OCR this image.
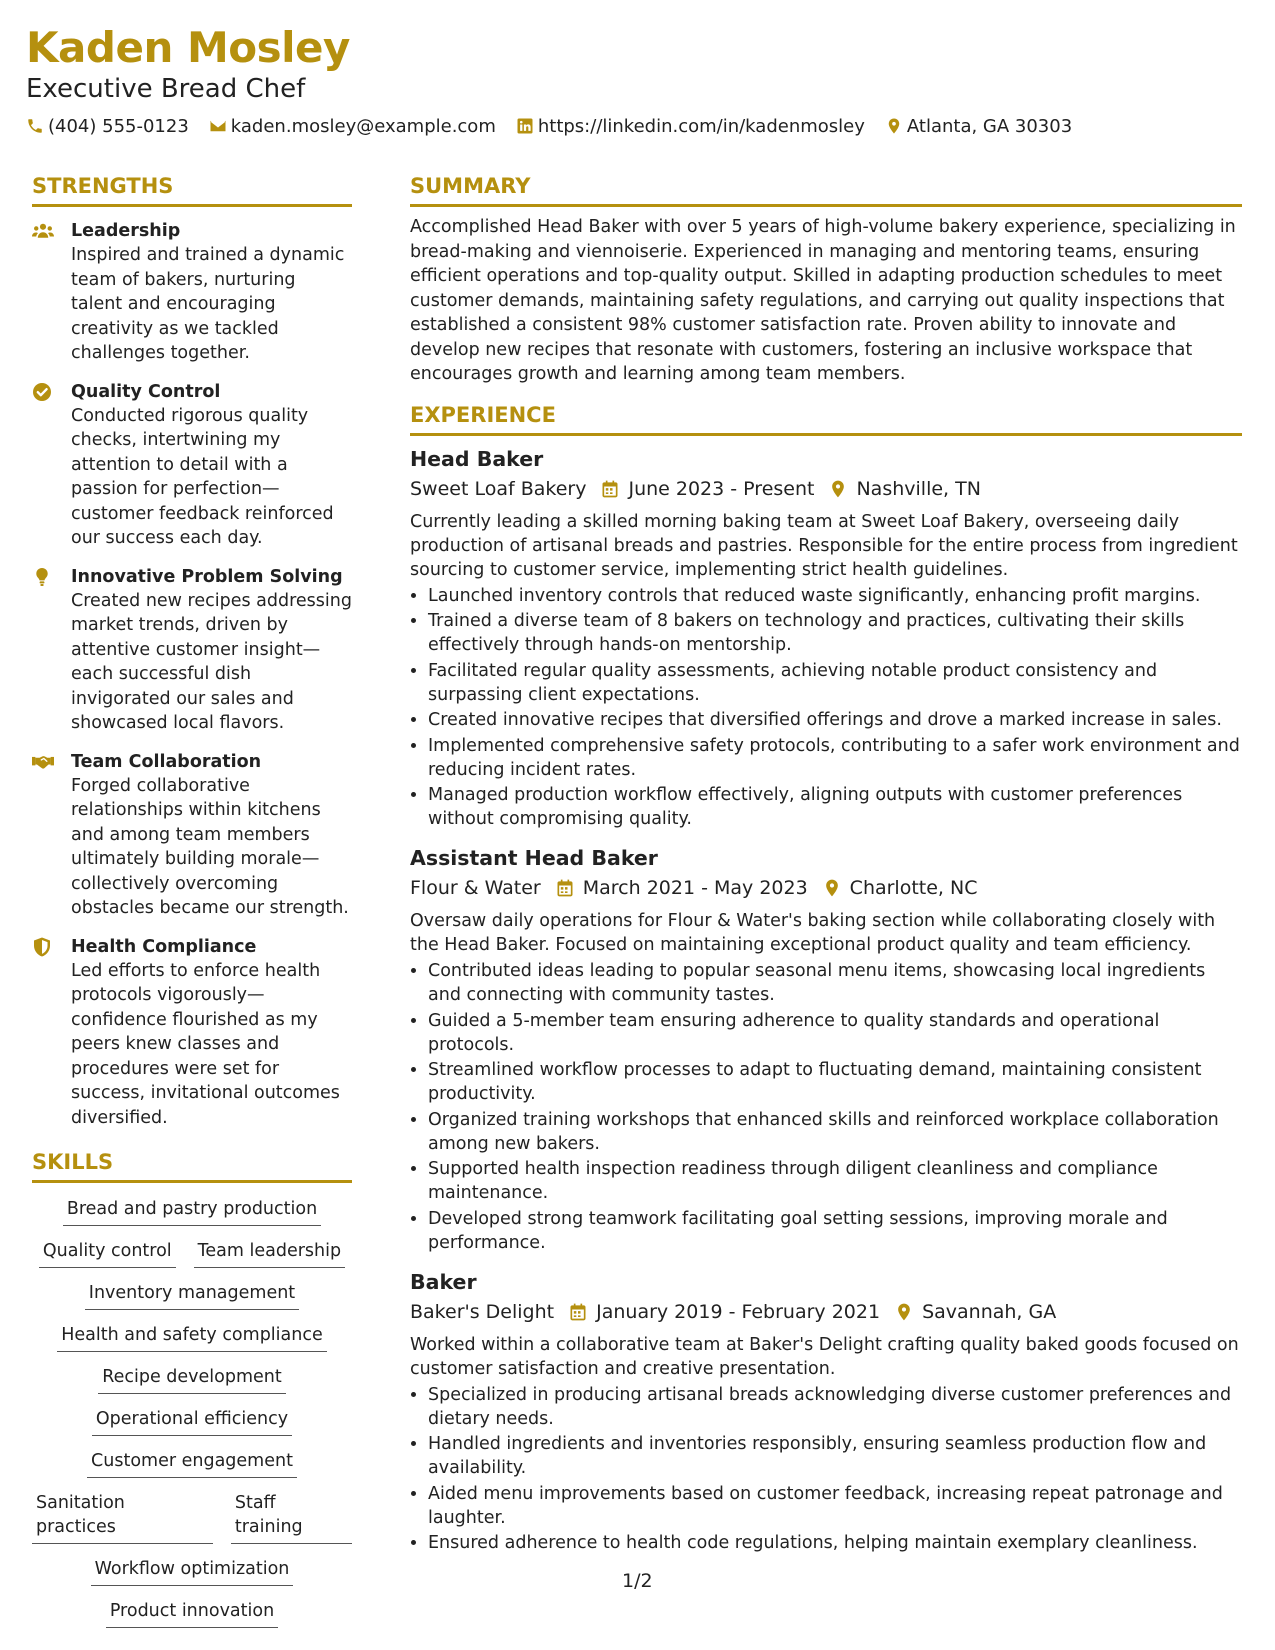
Kaden Mosley
Executive Bread Chef
(404) 555-0123 kaden.mosley@example.com https://linkedin.com/in/kadenmosley Atlanta, GA 30303
STRENGTHS
Leadership
Inspired and trained a dynamic team of bakers, nurturing talent and encouraging creativity as we tackled challenges together.
Quality Control
Conducted rigorous quality checks, intertwining my attention to detail with a passion for perfection—customer feedback reinforced our success each day.
Innovative Problem Solving
Created new recipes addressing market trends, driven by attentive customer insight—each successful dish invigorated our sales and showcased local flavors.
Team Collaboration
Forged collaborative relationships within kitchens and among team members ultimately building morale—collectively overcoming obstacles became our strength.
Health Compliance
Led efforts to enforce health protocols vigorously—confidence flourished as my peers knew classes and procedures were set for success, invitational outcomes diversified.
SKILLS
Bread and pastry production
Quality control Team leadership
Inventory management
Health and safety compliance
Recipe development
Operational efficiency
Customer engagement
Sanitation practices
Staff training
Workflow optimization
Product innovation
SUMMARY
Accomplished Head Baker with over 5 years of high-volume bakery experience, specializing in bread-making and viennoiserie. Experienced in managing and mentoring teams, ensuring efficient operations and top-quality output. Skilled in adapting production schedules to meet customer demands, maintaining safety regulations, and carrying out quality inspections that established a consistent 98% customer satisfaction rate. Proven ability to innovate and develop new recipes that resonate with customers, fostering an inclusive workspace that encourages growth and learning among team members.
EXPERIENCE
Head Baker
Sweet Loaf Bakery June 2023 - Present Nashville, TN
Currently leading a skilled morning baking team at Sweet Loaf Bakery, overseeing daily production of artisanal breads and pastries. Responsible for the entire process from ingredient sourcing to customer service, implementing strict health guidelines.
• Launched inventory controls that reduced waste significantly, enhancing profit margins.
• Trained a diverse team of 8 bakers on technology and practices, cultivating their skills effectively through hands-on mentorship.
• Facilitated regular quality assessments, achieving notable product consistency and surpassing client expectations.
• Created innovative recipes that diversified offerings and drove a marked increase in sales.
• Implemented comprehensive safety protocols, contributing to a safer work environment and reducing incident rates.
• Managed production workflow effectively, aligning outputs with customer preferences without compromising quality.
Assistant Head Baker
Flour & Water March 2021 - May 2023 Charlotte, NC
Oversaw daily operations for Flour & Water's baking section while collaborating closely with the Head Baker. Focused on maintaining exceptional product quality and team efficiency.
• Contributed ideas leading to popular seasonal menu items, showcasing local ingredients and connecting with community tastes.
• Guided a 5-member team ensuring adherence to quality standards and operational protocols.
• Streamlined workflow processes to adapt to fluctuating demand, maintaining consistent productivity.
• Organized training workshops that enhanced skills and reinforced workplace collaboration among new bakers.
• Supported health inspection readiness through diligent cleanliness and compliance maintenance.
• Developed strong teamwork facilitating goal setting sessions, improving morale and performance.
Baker
Baker's Delight January 2019 - February 2021 Savannah, GA
Worked within a collaborative team at Baker's Delight crafting quality baked goods focused on customer satisfaction and creative presentation.
• Specialized in producing artisanal breads acknowledging diverse customer preferences and dietary needs.
• Handled ingredients and inventories responsibly, ensuring seamless production flow and availability.
• Aided menu improvements based on customer feedback, increasing repeat patronage and laughter.
• Ensured adherence to health code regulations, helping maintain exemplary cleanliness.
1/2
